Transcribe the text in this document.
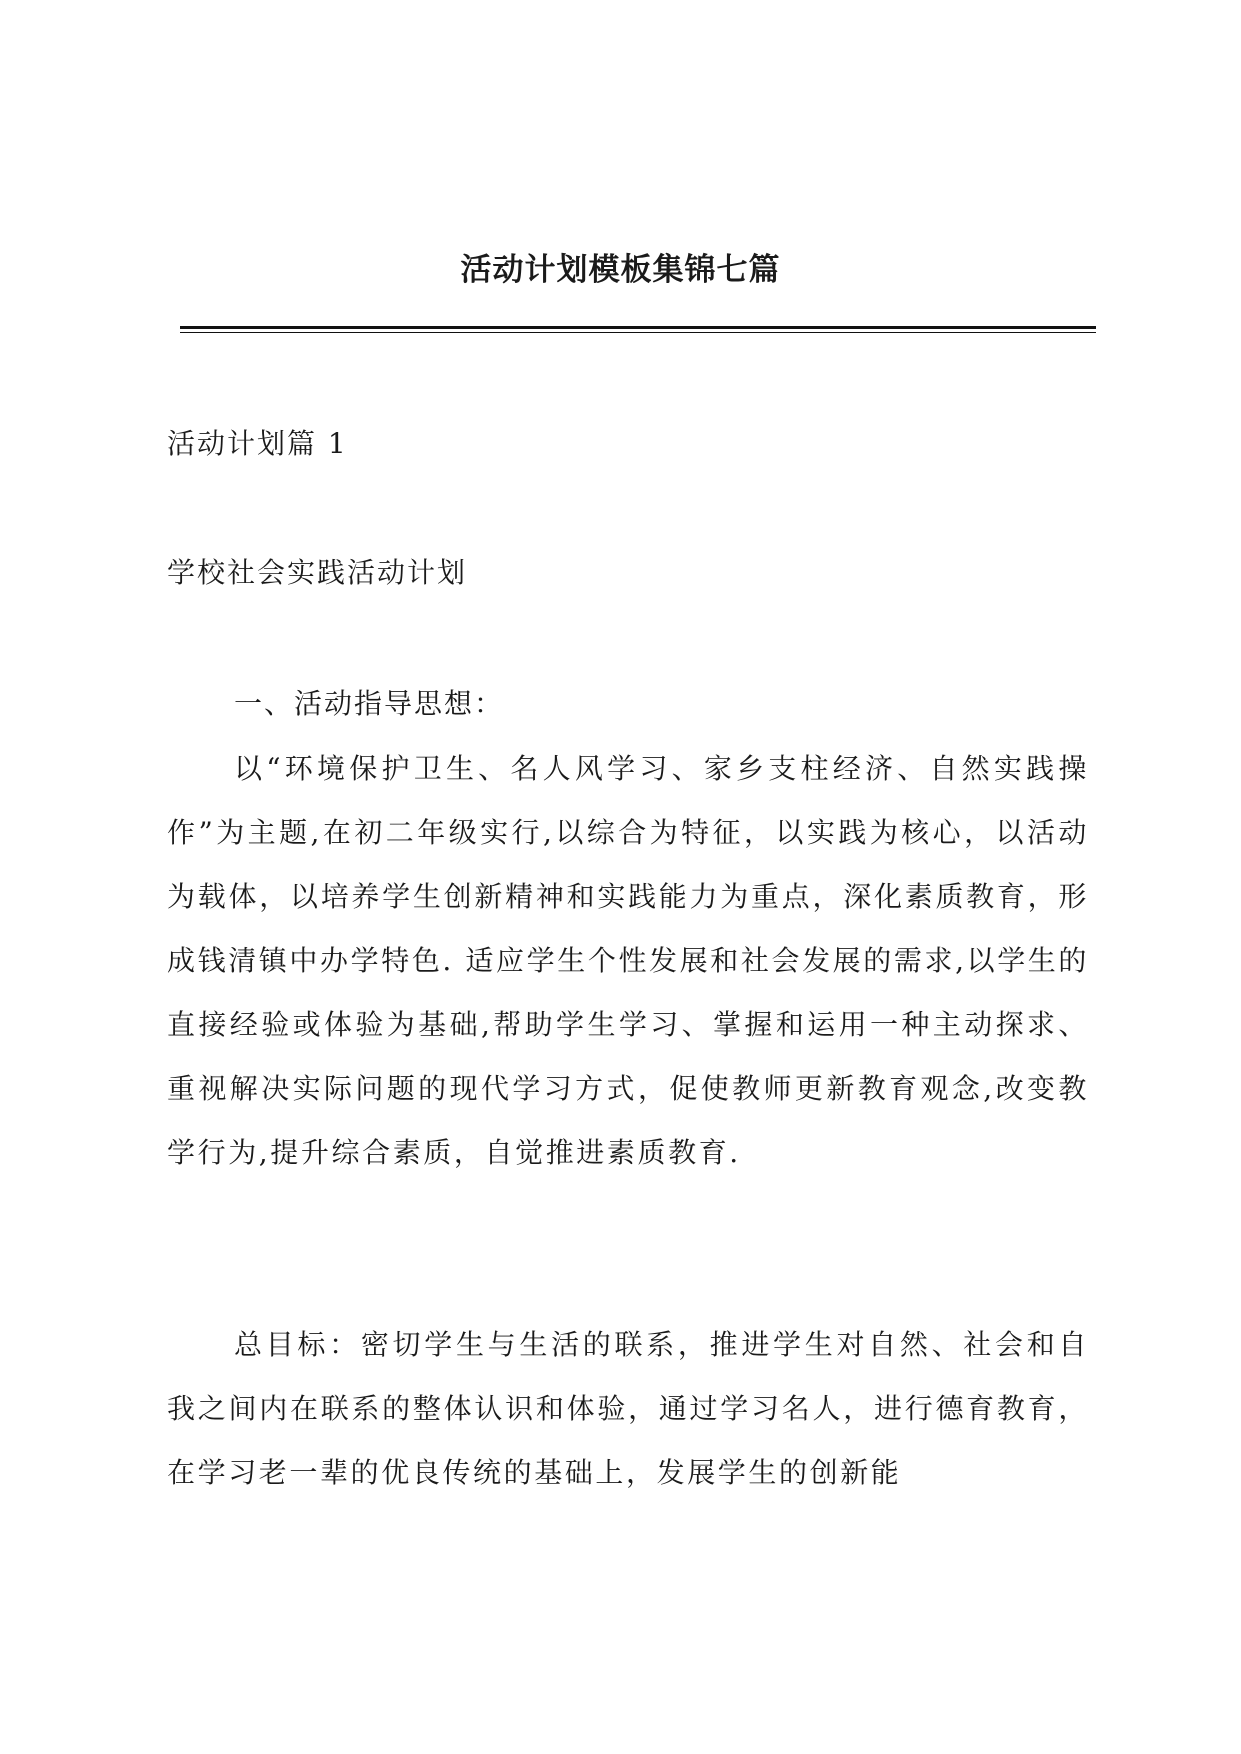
活动计划模板集锦七篇

活动计划篇 1

学校社会实践活动计划

一、活动指导思想：

以“环境保护卫生、名人风学习、家乡支柱经济、自然实践操作”为主题,在初二年级实行,以综合为特征，以实践为核心，以活动为载体，以培养学生创新精神和实践能力为重点，深化素质教育，形成钱清镇中办学特色. 适应学生个性发展和社会发展的需求,以学生的直接经验或体验为基础,帮助学生学习、掌握和运用一种主动探求、重视解决实际问题的现代学习方式，促使教师更新教育观念,改变教学行为,提升综合素质，自觉推进素质教育.

总目标：密切学生与生活的联系，推进学生对自然、社会和自我之间内在联系的整体认识和体验，通过学习名人，进行德育教育，在学习老一辈的优良传统的基础上，发展学生的创新能
